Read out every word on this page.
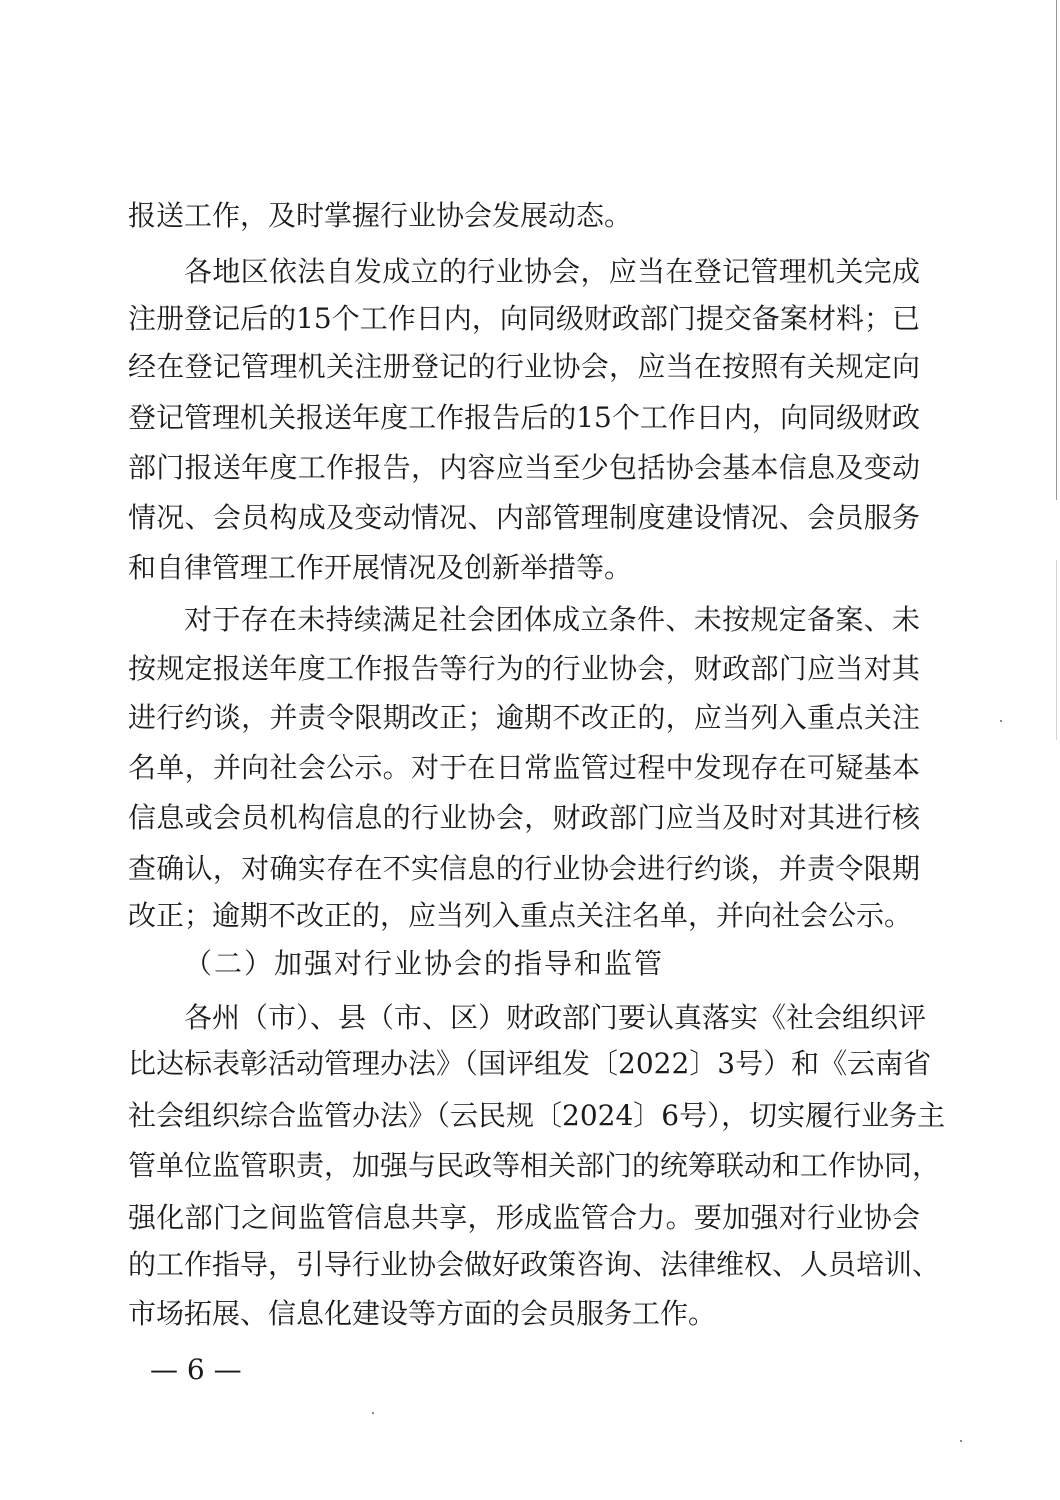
报送工作，及时掌握行业协会发展动态。
各地区依法自发成立的行业协会，应当在登记管理机关完成
注册登记后的15个工作日内，向同级财政部门提交备案材料；已
经在登记管理机关注册登记的行业协会，应当在按照有关规定向
登记管理机关报送年度工作报告后的15个工作日内，向同级财政
部门报送年度工作报告，内容应当至少包括协会基本信息及变动
情况、会员构成及变动情况、内部管理制度建设情况、会员服务
和自律管理工作开展情况及创新举措等。
对于存在未持续满足社会团体成立条件、未按规定备案、未
按规定报送年度工作报告等行为的行业协会，财政部门应当对其
进行约谈，并责令限期改正；逾期不改正的，应当列入重点关注
名单，并向社会公示。对于在日常监管过程中发现存在可疑基本
信息或会员机构信息的行业协会，财政部门应当及时对其进行核
查确认，对确实存在不实信息的行业协会进行约谈，并责令限期
改正；逾期不改正的，应当列入重点关注名单，并向社会公示。
（二）加强对行业协会的指导和监管
各州（市）、县（市、区）财政部门要认真落实《社会组织评
比达标表彰活动管理办法》（国评组发〔2022〕3号）和《云南省
社会组织综合监管办法》（云民规〔2024〕6号），切实履行业务主
管单位监管职责，加强与民政等相关部门的统筹联动和工作协同，
强化部门之间监管信息共享，形成监管合力。要加强对行业协会
的工作指导，引导行业协会做好政策咨询、法律维权、人员培训、
市场拓展、信息化建设等方面的会员服务工作。
— 6 —
